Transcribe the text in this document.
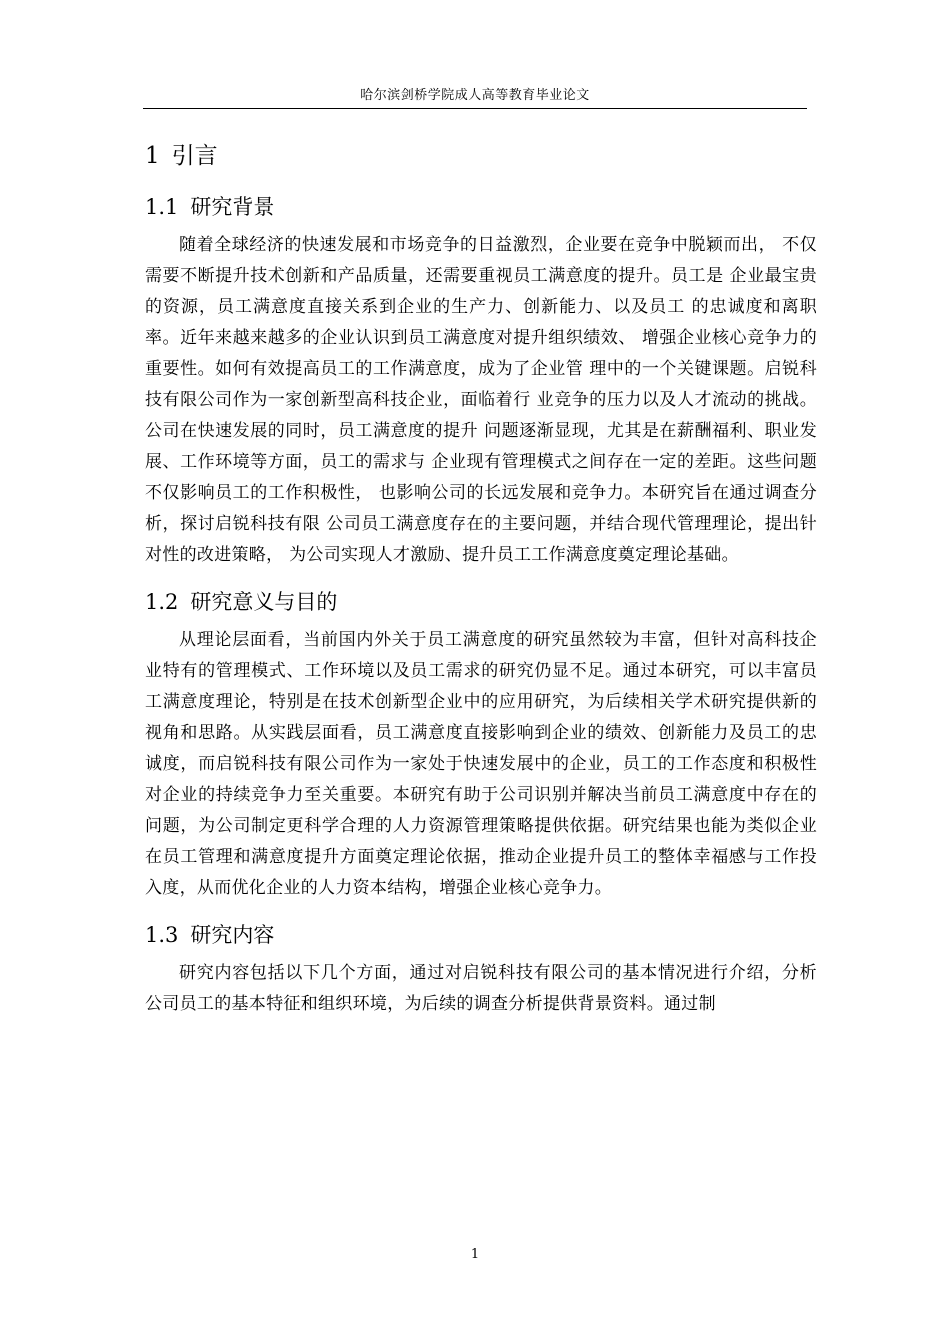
哈尔滨剑桥学院成人高等教育毕业论文
1 引言
1.1 研究背景

随着全球经济的快速发展和市场竞争的日益激烈，企业要在竞争中脱颖而出， 不仅需要不断提升技术创新和产品质量，还需要重视员工满意度的提升。员工是 企业最宝贵的资源，员工满意度直接关系到企业的生产力、创新能力、以及员工 的忠诚度和离职率。近年来越来越多的企业认识到员工满意度对提升组织绩效、 增强企业核心竞争力的重要性。如何有效提高员工的工作满意度，成为了企业管 理中的一个关键课题。启锐科技有限公司作为一家创新型高科技企业，面临着行 业竞争的压力以及人才流动的挑战。公司在快速发展的同时，员工满意度的提升 问题逐渐显现，尤其是在薪酬福利、职业发展、工作环境等方面，员工的需求与 企业现有管理模式之间存在一定的差距。这些问题不仅影响员工的工作积极性， 也影响公司的长远发展和竞争力。本研究旨在通过调查分析，探讨启锐科技有限 公司员工满意度存在的主要问题，并结合现代管理理论，提出针对性的改进策略， 为公司实现人才激励、提升员工工作满意度奠定理论基础。

1.2 研究意义与目的

从理论层面看，当前国内外关于员工满意度的研究虽然较为丰富，但针对高科技企业特有的管理模式、工作环境以及员工需求的研究仍显不足。通过本研究，可以丰富员工满意度理论，特别是在技术创新型企业中的应用研究，为后续相关学术研究提供新的视角和思路。从实践层面看，员工满意度直接影响到企业的绩效、创新能力及员工的忠诚度，而启锐科技有限公司作为一家处于快速发展中的企业，员工的工作态度和积极性对企业的持续竞争力至关重要。本研究有助于公司识别并解决当前员工满意度中存在的问题，为公司制定更科学合理的人力资源管理策略提供依据。研究结果也能为类似企业在员工管理和满意度提升方面奠定理论依据，推动企业提升员工的整体幸福感与工作投入度，从而优化企业的人力资本结构，增强企业核心竞争力。

1.3 研究内容

研究内容包括以下几个方面，通过对启锐科技有限公司的基本情况进行介绍，分析公司员工的基本特征和组织环境，为后续的调查分析提供背景资料。通过制

1
